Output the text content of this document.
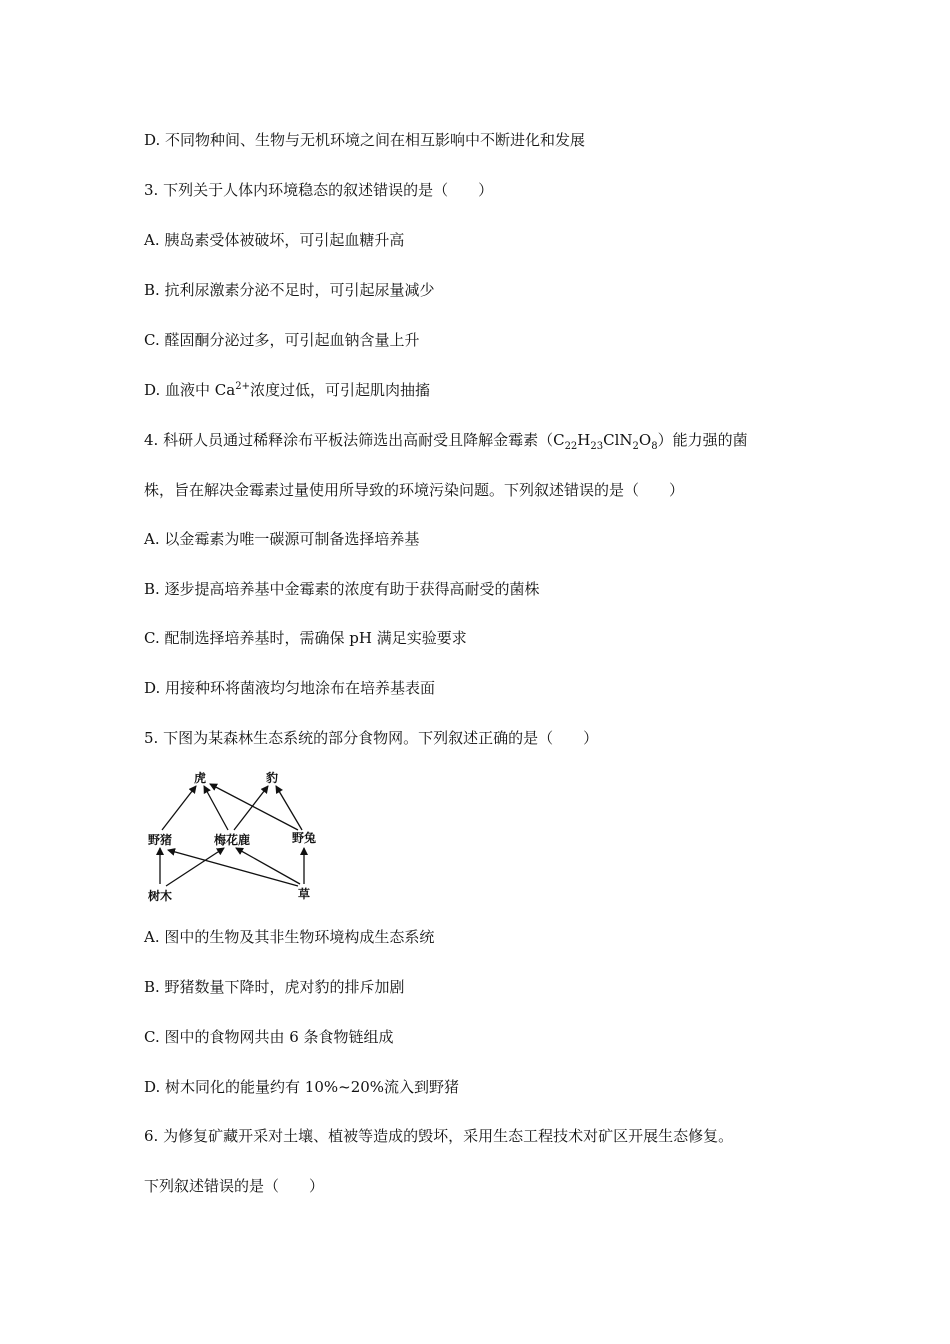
D. 不同物种间、生物与无机环境之间在相互影响中不断进化和发展
3. 下列关于人体内环境稳态的叙述错误的是（　　）
A. 胰岛素受体被破坏，可引起血糖升高
B. 抗利尿激素分泌不足时，可引起尿量减少
C. 醛固酮分泌过多，可引起血钠含量上升
D. 血液中 $Ca^{2+}$浓度过低，可引起肌肉抽搐
4. 科研人员通过稀释涂布平板法筛选出高耐受且降解金霉素$(C_{22}H_{23}ClN_2O_8)$能力强的菌
株，旨在解决金霉素过量使用所导致的环境污染问题。下列叙述错误的是（　　）
A. 以金霉素为唯一碳源可制备选择培养基
B. 逐步提高培养基中金霉素的浓度有助于获得高耐受的菌株
C. 配制选择培养基时，需确保 pH 满足实验要求
D. 用接种环将菌液均匀地涂布在培养基表面
5. 下图为某森林生态系统的部分食物网。下列叙述正确的是（　　）
A. 图中的生物及其非生物环境构成生态系统
B. 野猪数量下降时，虎对豹的排斥加剧
C. 图中的食物网共由 6 条食物链组成
D. 树木同化的能量约有 10%~20%流入到野猪
6. 为修复矿藏开采对土壤、植被等造成的毁坏，采用生态工程技术对矿区开展生态修复。
下列叙述错误的是（　　）
虎	豹
野猪	梅花鹿	野兔
树木	草
